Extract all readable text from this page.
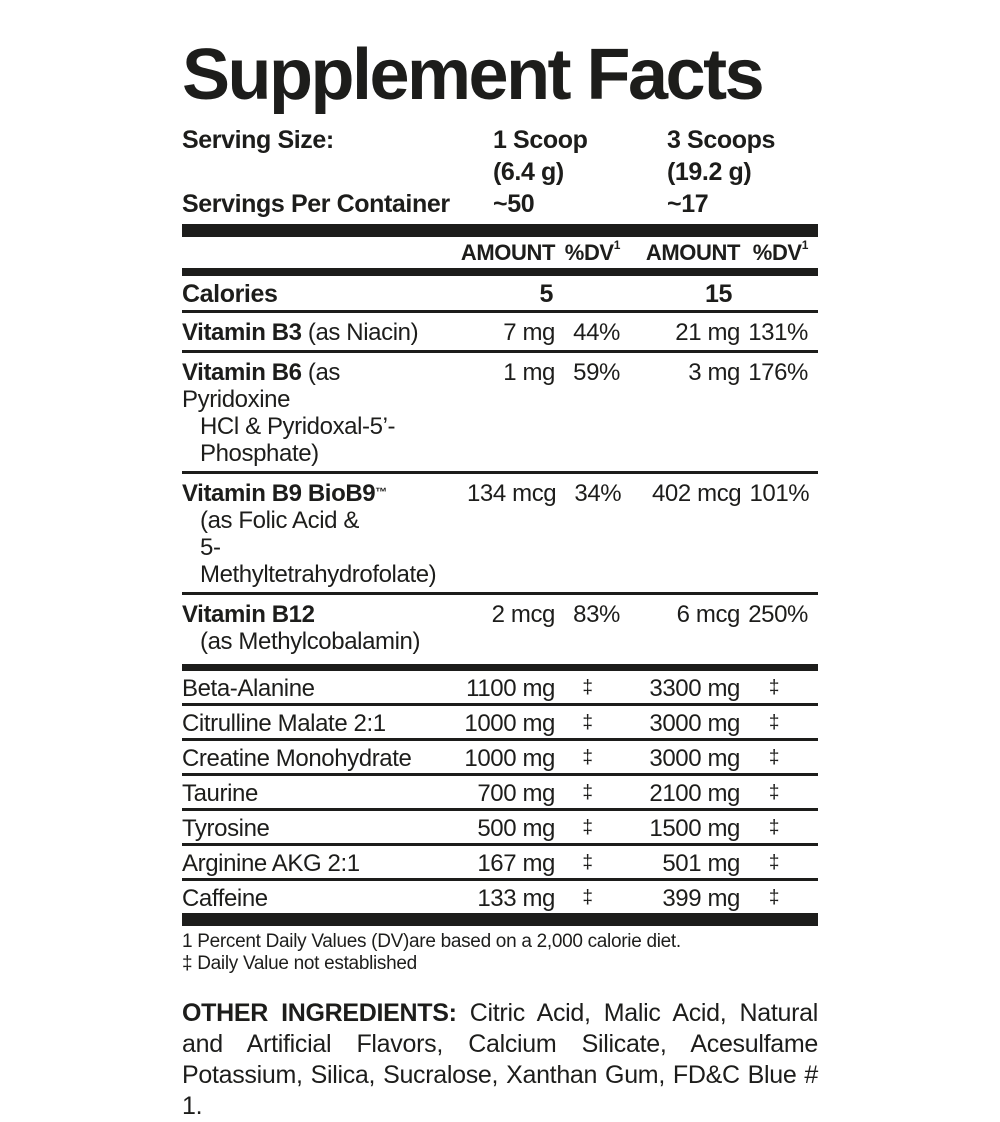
Supplement Facts
Serving Size:	1 Scoop	3 Scoops
(6.4 g)	(19.2 g)
Servings Per Container	~50	~17
AMOUNT $\%DV^1$	AMOUNT $\%DV^1$
Calories	5	15
Vitamin B3 (as Niacin)	7 mg 44%	21 mg 131%
Vitamin B6 (as Pyridoxine
HCl & Pyridoxal-5’-Phosphate)
1 mg 59%	3 mg 176%
Vitamin B9 BioB9™
(as Folic Acid &
5-Methyltetrahydrofolate)
134 mcg 34%	402 mcg 101%
Vitamin B12
(as Methylcobalamin)
2 mcg 83%	6 mcg 250%
Beta-Alanine	1100 mg	‡	3300 mg	‡
Citrulline Malate 2:1	1000 mg	‡	3000 mg	‡
Creatine Monohydrate	1000 mg	‡	3000 mg	‡
Taurine	700 mg	‡	2100 mg	‡
Tyrosine	500 mg	‡	1500 mg	‡
Arginine AKG 2:1	167 mg	‡	501 mg	‡
Caffeine	133 mg	‡	399 mg	‡
1 Percent Daily Values (DV)are based on a 2,000 calorie diet.
‡ Daily Value not established
OTHER INGREDIENTS: Citric Acid, Malic Acid, Natural and Artificial Flavors, Calcium Silicate, Acesulfame Potassium, Silica, Sucralose, Xanthan Gum, FD&C Blue # 1.
